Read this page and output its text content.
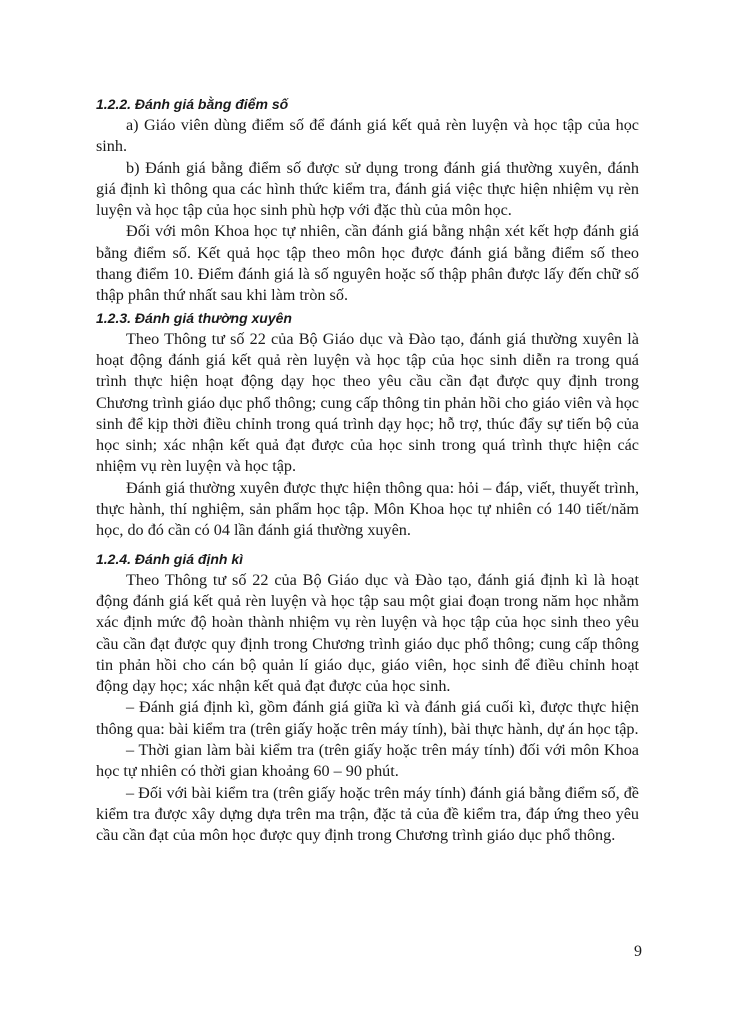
1.2.2. Đánh giá bằng điểm số

a) Giáo viên dùng điểm số để đánh giá kết quả rèn luyện và học tập của học sinh.

b) Đánh giá bằng điểm số được sử dụng trong đánh giá thường xuyên, đánh giá định kì thông qua các hình thức kiểm tra, đánh giá việc thực hiện nhiệm vụ rèn luyện và học tập của học sinh phù hợp với đặc thù của môn học.

Đối với môn Khoa học tự nhiên, cần đánh giá bằng nhận xét kết hợp đánh giá bằng điểm số. Kết quả học tập theo môn học được đánh giá bằng điểm số theo thang điểm 10. Điểm đánh giá là số nguyên hoặc số thập phân được lấy đến chữ số thập phân thứ nhất sau khi làm tròn số.

1.2.3. Đánh giá thường xuyên

Theo Thông tư số 22 của Bộ Giáo dục và Đào tạo, đánh giá thường xuyên là hoạt động đánh giá kết quả rèn luyện và học tập của học sinh diễn ra trong quá trình thực hiện hoạt động dạy học theo yêu cầu cần đạt được quy định trong Chương trình giáo dục phổ thông; cung cấp thông tin phản hồi cho giáo viên và học sinh để kịp thời điều chỉnh trong quá trình dạy học; hỗ trợ, thúc đẩy sự tiến bộ của học sinh; xác nhận kết quả đạt được của học sinh trong quá trình thực hiện các nhiệm vụ rèn luyện và học tập.

Đánh giá thường xuyên được thực hiện thông qua: hỏi – đáp, viết, thuyết trình, thực hành, thí nghiệm, sản phẩm học tập. Môn Khoa học tự nhiên có 140 tiết/năm học, do đó cần có 04 lần đánh giá thường xuyên.

1.2.4. Đánh giá định kì

Theo Thông tư số 22 của Bộ Giáo dục và Đào tạo, đánh giá định kì là hoạt động đánh giá kết quả rèn luyện và học tập sau một giai đoạn trong năm học nhằm xác định mức độ hoàn thành nhiệm vụ rèn luyện và học tập của học sinh theo yêu cầu cần đạt được quy định trong Chương trình giáo dục phổ thông; cung cấp thông tin phản hồi cho cán bộ quản lí giáo dục, giáo viên, học sinh để điều chỉnh hoạt động dạy học; xác nhận kết quả đạt được của học sinh.

– Đánh giá định kì, gồm đánh giá giữa kì và đánh giá cuối kì, được thực hiện thông qua: bài kiểm tra (trên giấy hoặc trên máy tính), bài thực hành, dự án học tập.

– Thời gian làm bài kiểm tra (trên giấy hoặc trên máy tính) đối với môn Khoa học tự nhiên có thời gian khoảng 60 – 90 phút.

– Đối với bài kiểm tra (trên giấy hoặc trên máy tính) đánh giá bằng điểm số, đề kiểm tra được xây dựng dựa trên ma trận, đặc tả của đề kiểm tra, đáp ứng theo yêu cầu cần đạt của môn học được quy định trong Chương trình giáo dục phổ thông.

9
